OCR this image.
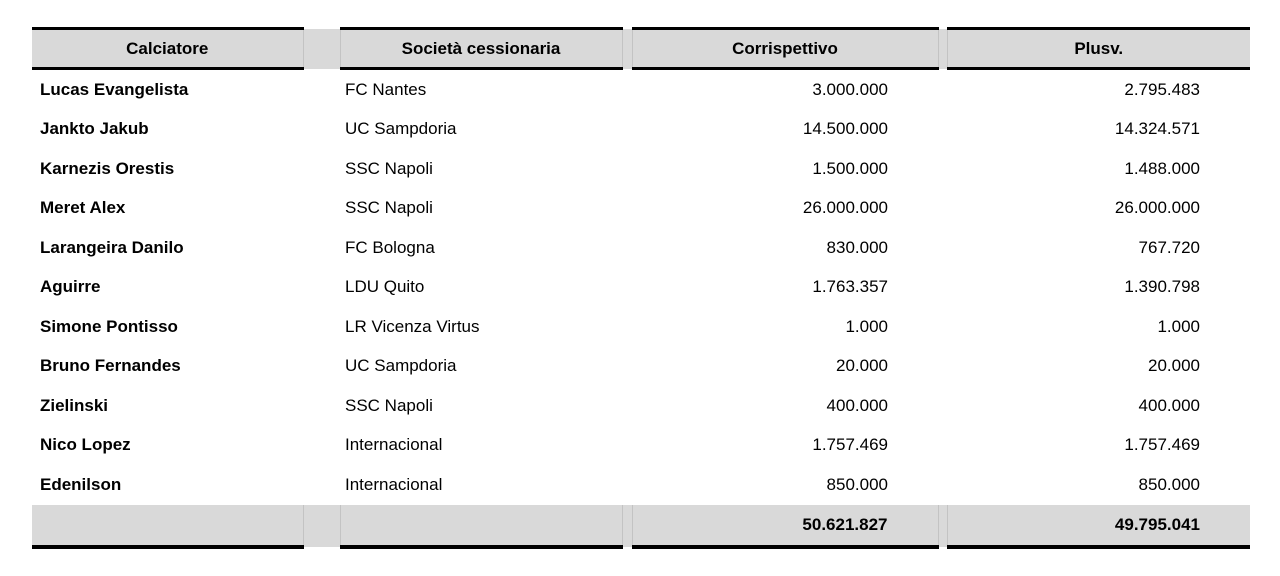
Calciatore		Società cessionaria		Corrispettivo		Plusv.
Lucas Evangelista		FC Nantes		3.000.000		2.795.483
Jankto Jakub		UC Sampdoria		14.500.000		14.324.571
Karnezis Orestis		SSC Napoli		1.500.000		1.488.000
Meret Alex		SSC Napoli		26.000.000		26.000.000
Larangeira Danilo		FC Bologna		830.000		767.720
Aguirre		LDU Quito		1.763.357		1.390.798
Simone Pontisso		LR Vicenza Virtus		1.000		1.000
Bruno Fernandes		UC Sampdoria		20.000		20.000
Zielinski		SSC Napoli		400.000		400.000
Nico Lopez		Internacional		1.757.469		1.757.469
Edenilson		Internacional		850.000		850.000
				50.621.827		49.795.041
